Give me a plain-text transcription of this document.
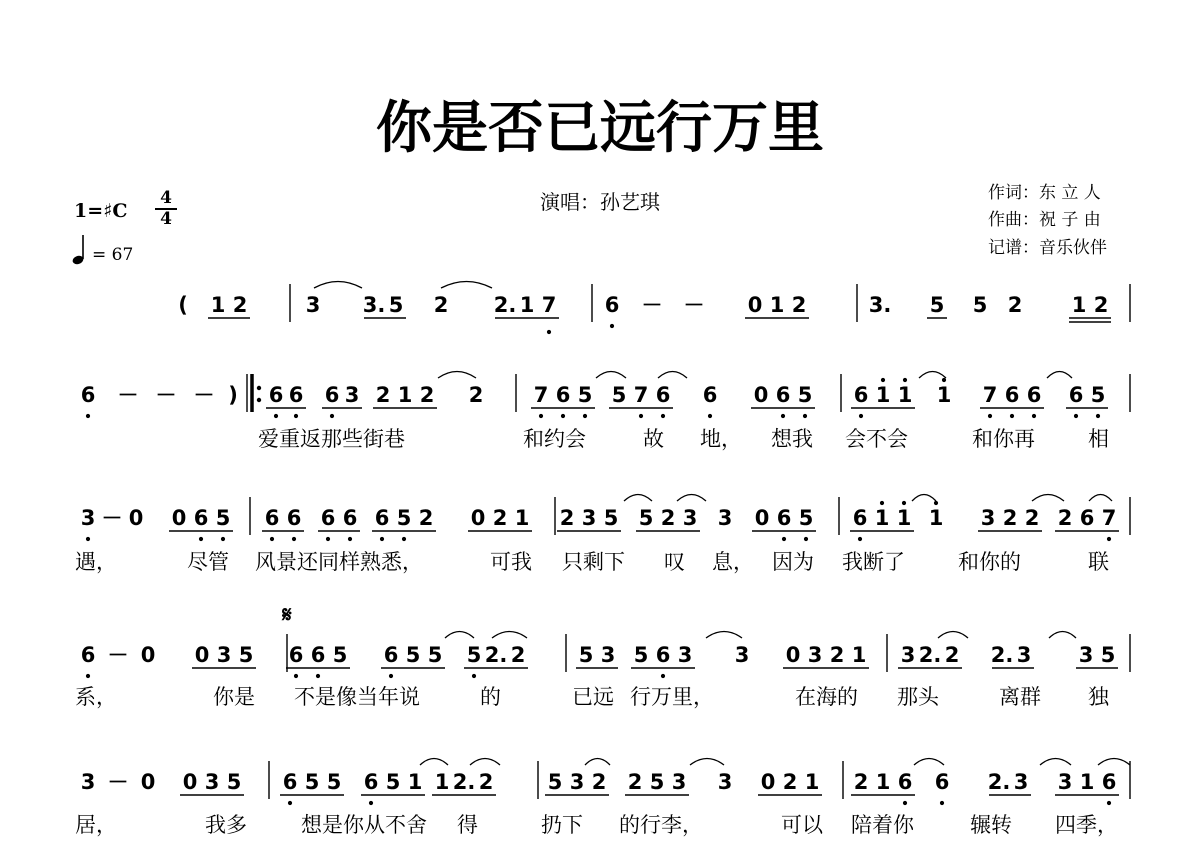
你是否已远行万里
演唱：孙艺琪	作词：东 立 人
作曲：祝 子 由
记谱：音乐伙伴
1=♯C
4
4
= 67
( 1 2	3 3. 5 2 2. 1 7 6 － － 0 1 2	3. 5 5 2 1 2
6 － － － ) 6 6 6 3 2 1 2 2 7 6 5 5 7 6 6 0 6 5 6 1 1 1 7 6 6 6 5
3 － 0 0 6 5 6 6 6 6 6 5 2 0 2 1 2 3 5 5 2 3 3 0 6 5 6 1 1 1 3 2 2 2 6 7
6 － 0 0 3 5 6 6 5 6 5 5 5 2. 2	5 3 5 6 3 3 0 3 2 1 3 2. 2 2. 3 3 5
3 － 0 0 3 5 6 5 5 6 5 1 1 2. 2	5 3 2 2 5 3 3 0 2 1 2 1 6 6 2. 3 3 1 6
𝄋
爱重返那些街巷	和约会	故 地， 想我 会不会	和你再	相
遇，	尽管 风景还同样熟悉，	可我 只剩下 叹 息， 因为 我断了	和你的	联
系，	你是 不是像当年说	的	已远 行万里，	在海的 那头	离群 独
居，	我多	想是你从不舍 得	扔下 的行李，	可以 陪着你	辗转 四季，
